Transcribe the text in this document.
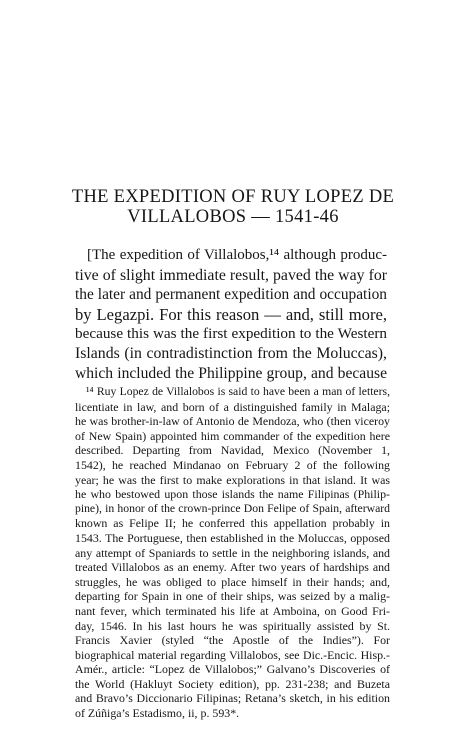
THE EXPEDITION OF RUY LOPEZ DE
VILLALOBOS — 1541-46
[The expedition of Villalobos,¹⁴ although produc-
tive of slight immediate result, paved the way for
the later and permanent expedition and occupation
by Legazpi. For this reason — and, still more,
because this was the first expedition to the Western
Islands (in contradistinction from the Moluccas),
which included the Philippine group, and because
¹⁴ Ruy Lopez de Villalobos is said to have been a man of letters,
licentiate in law, and born of a distinguished family in Malaga;
he was brother-in-law of Antonio de Mendoza, who (then viceroy
of New Spain) appointed him commander of the expedition here
described. Departing from Navidad, Mexico (November 1,
1542), he reached Mindanao on February 2 of the following
year; he was the first to make explorations in that island. It was
he who bestowed upon those islands the name Filipinas (Philip-
pine), in honor of the crown-prince Don Felipe of Spain, afterward
known as Felipe II; he conferred this appellation probably in
1543. The Portuguese, then established in the Moluccas, opposed
any attempt of Spaniards to settle in the neighboring islands, and
treated Villalobos as an enemy. After two years of hardships and
struggles, he was obliged to place himself in their hands; and,
departing for Spain in one of their ships, was seized by a malig-
nant fever, which terminated his life at Amboina, on Good Fri-
day, 1546. In his last hours he was spiritually assisted by St.
Francis Xavier (styled “the Apostle of the Indies”). For
biographical material regarding Villalobos, see Dic.-Encic. Hisp.-
Amér., article: “Lopez de Villalobos;” Galvano’s Discoveries of
the World (Hakluyt Society edition), pp. 231-238; and Buzeta
and Bravo’s Diccionario Filipinas; Retana’s sketch, in his edition
of Zúñiga’s Estadismo, ii, p. 593*.
